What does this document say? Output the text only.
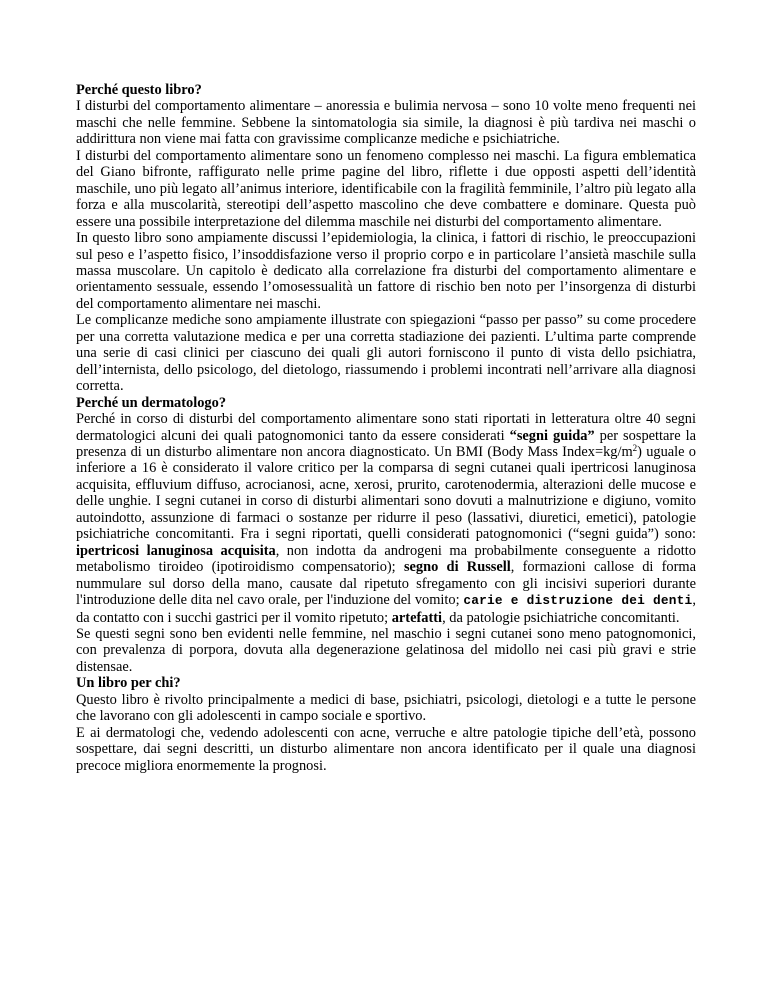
Perché questo libro?

I disturbi del comportamento alimentare – anoressia e bulimia nervosa – sono 10 volte meno frequenti nei maschi che nelle femmine. Sebbene la sintomatologia sia simile, la diagnosi è più tardiva nei maschi o addirittura non viene mai fatta con gravissime complicanze mediche e psichiatriche.

I disturbi del comportamento alimentare sono un fenomeno complesso nei maschi. La figura emblematica del Giano bifronte, raffigurato nelle prime pagine del libro, riflette i due opposti aspetti dell’identità maschile, uno più legato all’animus interiore, identificabile con la fragilità femminile, l’altro più legato alla forza e alla muscolarità, stereotipi dell’aspetto mascolino che deve combattere e dominare. Questa può essere una possibile interpretazione del dilemma maschile nei disturbi del comportamento alimentare.

In questo libro sono ampiamente discussi l’epidemiologia, la clinica, i fattori di rischio, le preoccupazioni sul peso e l’aspetto fisico, l’insoddisfazione verso il proprio corpo e in particolare l’ansietà maschile sulla massa muscolare. Un capitolo è dedicato alla correlazione fra disturbi del comportamento alimentare e orientamento sessuale, essendo l’omosessualità un fattore di rischio ben noto per l’insorgenza di disturbi del comportamento alimentare nei maschi.

Le complicanze mediche sono ampiamente illustrate con spiegazioni “passo per passo” su come procedere per una corretta valutazione medica e per una corretta stadiazione dei pazienti. L’ultima parte comprende una serie di casi clinici per ciascuno dei quali gli autori forniscono il punto di vista dello psichiatra, dell’internista, dello psicologo, del dietologo, riassumendo i problemi incontrati nell’arrivare alla diagnosi corretta.

Perché un dermatologo?

Perché in corso di disturbi del comportamento alimentare sono stati riportati in letteratura oltre 40 segni dermatologici alcuni dei quali patognomonici tanto da essere considerati “segni guida” per sospettare la presenza di un disturbo alimentare non ancora diagnosticato. Un BMI (Body Mass $Index=kg/m^2$) uguale o inferiore a 16 è considerato il valore critico per la comparsa di segni cutanei quali ipertricosi lanuginosa acquisita, effluvium diffuso, acrocianosi, acne, xerosi, prurito, carotenodermia, alterazioni delle mucose e delle unghie. I segni cutanei in corso di disturbi alimentari sono dovuti a malnutrizione e digiuno, vomito autoindotto, assunzione di farmaci o sostanze per ridurre il peso (lassativi, diuretici, emetici), patologie psichiatriche concomitanti. Fra i segni riportati, quelli considerati patognomonici (“segni guida”) sono: ipertricosi lanuginosa acquisita, non indotta da androgeni ma probabilmente conseguente a ridotto metabolismo tiroideo (ipotiroidismo compensatorio); segno di Russell, formazioni callose di forma nummulare sul dorso della mano, causate dal ripetuto sfregamento con gli incisivi superiori durante l'introduzione delle dita nel cavo orale, per l'induzione del vomito; carie e distruzione dei denti, da contatto con i succhi gastrici per il vomito ripetuto; artefatti, da patologie psichiatriche concomitanti.

Se questi segni sono ben evidenti nelle femmine, nel maschio i segni cutanei sono meno patognomonici, con prevalenza di porpora, dovuta alla degenerazione gelatinosa del midollo nei casi più gravi e strie distensae.

Un libro per chi?

Questo libro è rivolto principalmente a medici di base, psichiatri, psicologi, dietologi e a tutte le persone che lavorano con gli adolescenti in campo sociale e sportivo.

E ai dermatologi che, vedendo adolescenti con acne, verruche e altre patologie tipiche dell’età, possono sospettare, dai segni descritti, un disturbo alimentare non ancora identificato per il quale una diagnosi precoce migliora enormemente la prognosi.
